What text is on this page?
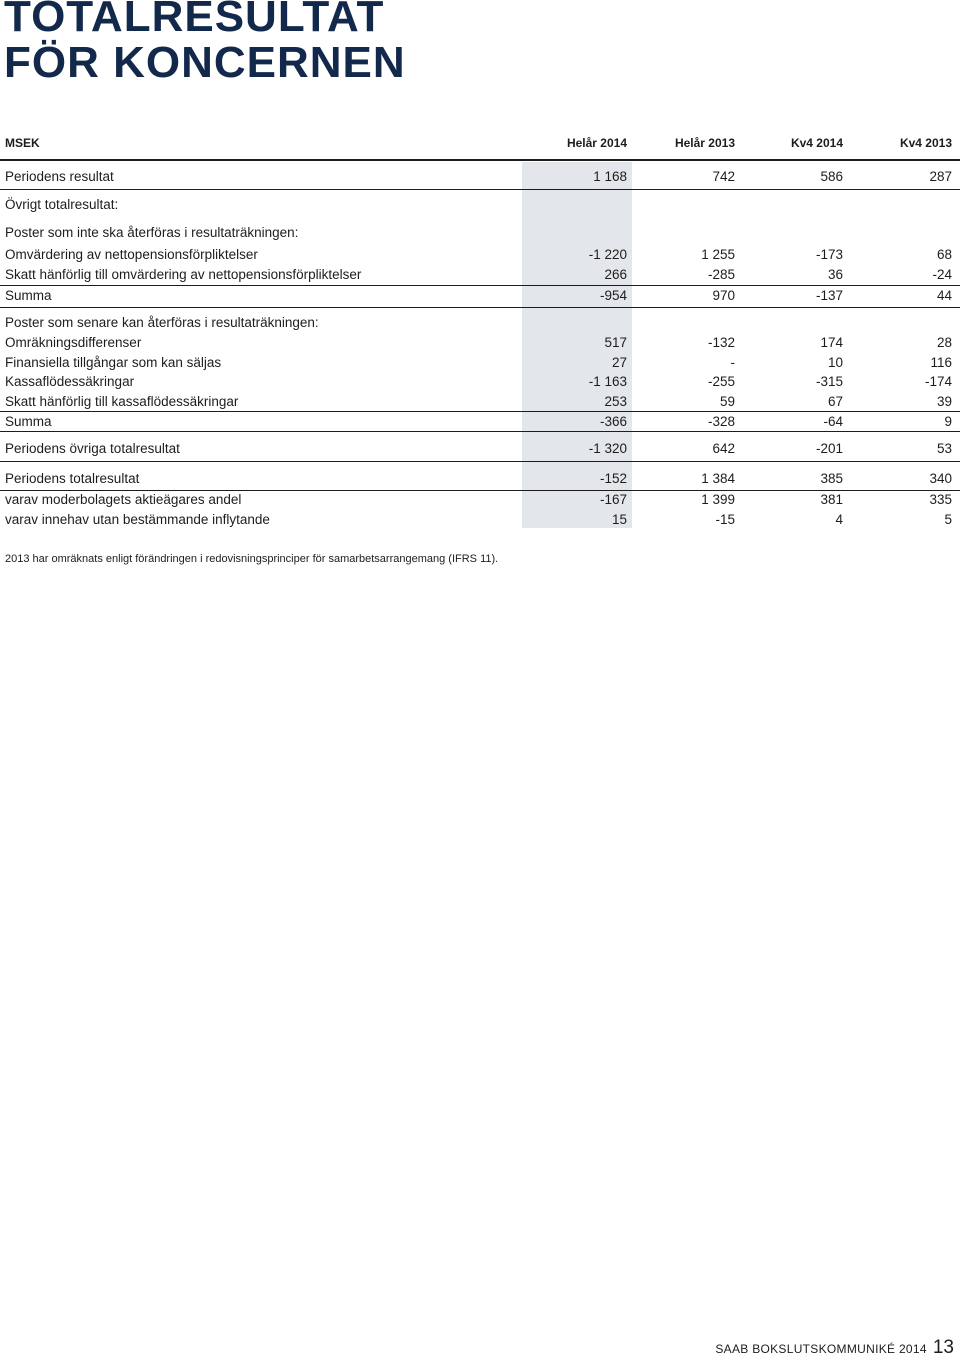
TOTALRESULTAT
FÖR KONCERNEN
MSEK	Helår 2014	Helår 2013	Kv4 2014	Kv4 2013
Periodens resultat	1 168	742	586	287
Övrigt totalresultat:
Poster som inte ska återföras i resultaträkningen:
Omvärdering av nettopensionsförpliktelser	-1 220	1 255	-173	68
Skatt hänförlig till omvärdering av nettopensionsförpliktelser	266	-285	36	-24
Summa	-954	970	-137	44
Poster som senare kan återföras i resultaträkningen:
Omräkningsdifferenser	517	-132	174	28
Finansiella tillgångar som kan säljas	27	-	10	116
Kassaflödessäkringar	-1 163	-255	-315	-174
Skatt hänförlig till kassaflödessäkringar	253	59	67	39
Summa	-366	-328	-64	9
Periodens övriga totalresultat	-1 320	642	-201	53
Periodens totalresultat	-152	1 384	385	340
varav moderbolagets aktieägares andel	-167	1 399	381	335
varav innehav utan bestämmande inflytande	15	-15	4	5
2013 har omräknats enligt förändringen i redovisningsprinciper för samarbetsarrangemang (IFRS 11).
SAAB BOKSLUTSKOMMUNIKÉ 2014 13
